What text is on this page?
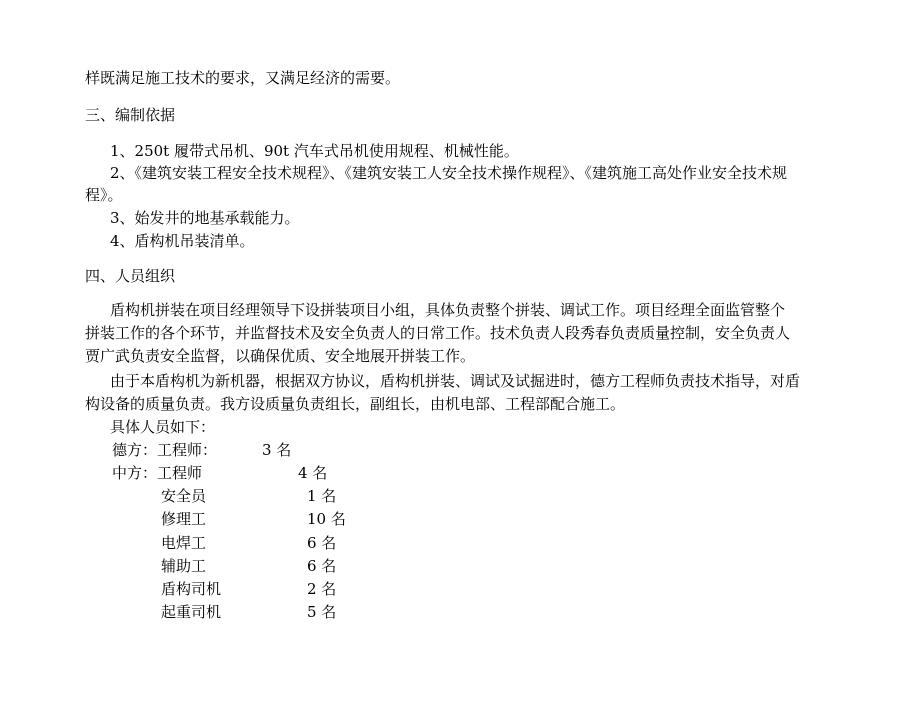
样既满足施工技术的要求，又满足经济的需要。
三、编制依据
1、250t 履带式吊机、90t 汽车式吊机使用规程、机械性能。
2、《建筑安装工程安全技术规程》、《建筑安装工人安全技术操作规程》、《建筑施工高处作业安全技术规
程》。
3、始发井的地基承载能力。
4、盾构机吊装清单。
四、人员组织
盾构机拼装在项目经理领导下设拼装项目小组，具体负责整个拼装、调试工作。项目经理全面监管整个
拼装工作的各个环节，并监督技术及安全负责人的日常工作。技术负责人段秀春负责质量控制，安全负责人
贾广武负责安全监督，以确保优质、安全地展开拼装工作。
由于本盾构机为新机器，根据双方协议，盾构机拼装、调试及试掘进时，德方工程师负责技术指导，对盾
构设备的质量负责。我方设质量负责组长，副组长，由机电部、工程部配合施工。
具体人员如下：
德方：工程师：	3 名
中方：工程师	4 名
安全员	1 名
修理工	10 名
电焊工	6 名
辅助工	6 名
盾构司机	2 名
起重司机	5 名
